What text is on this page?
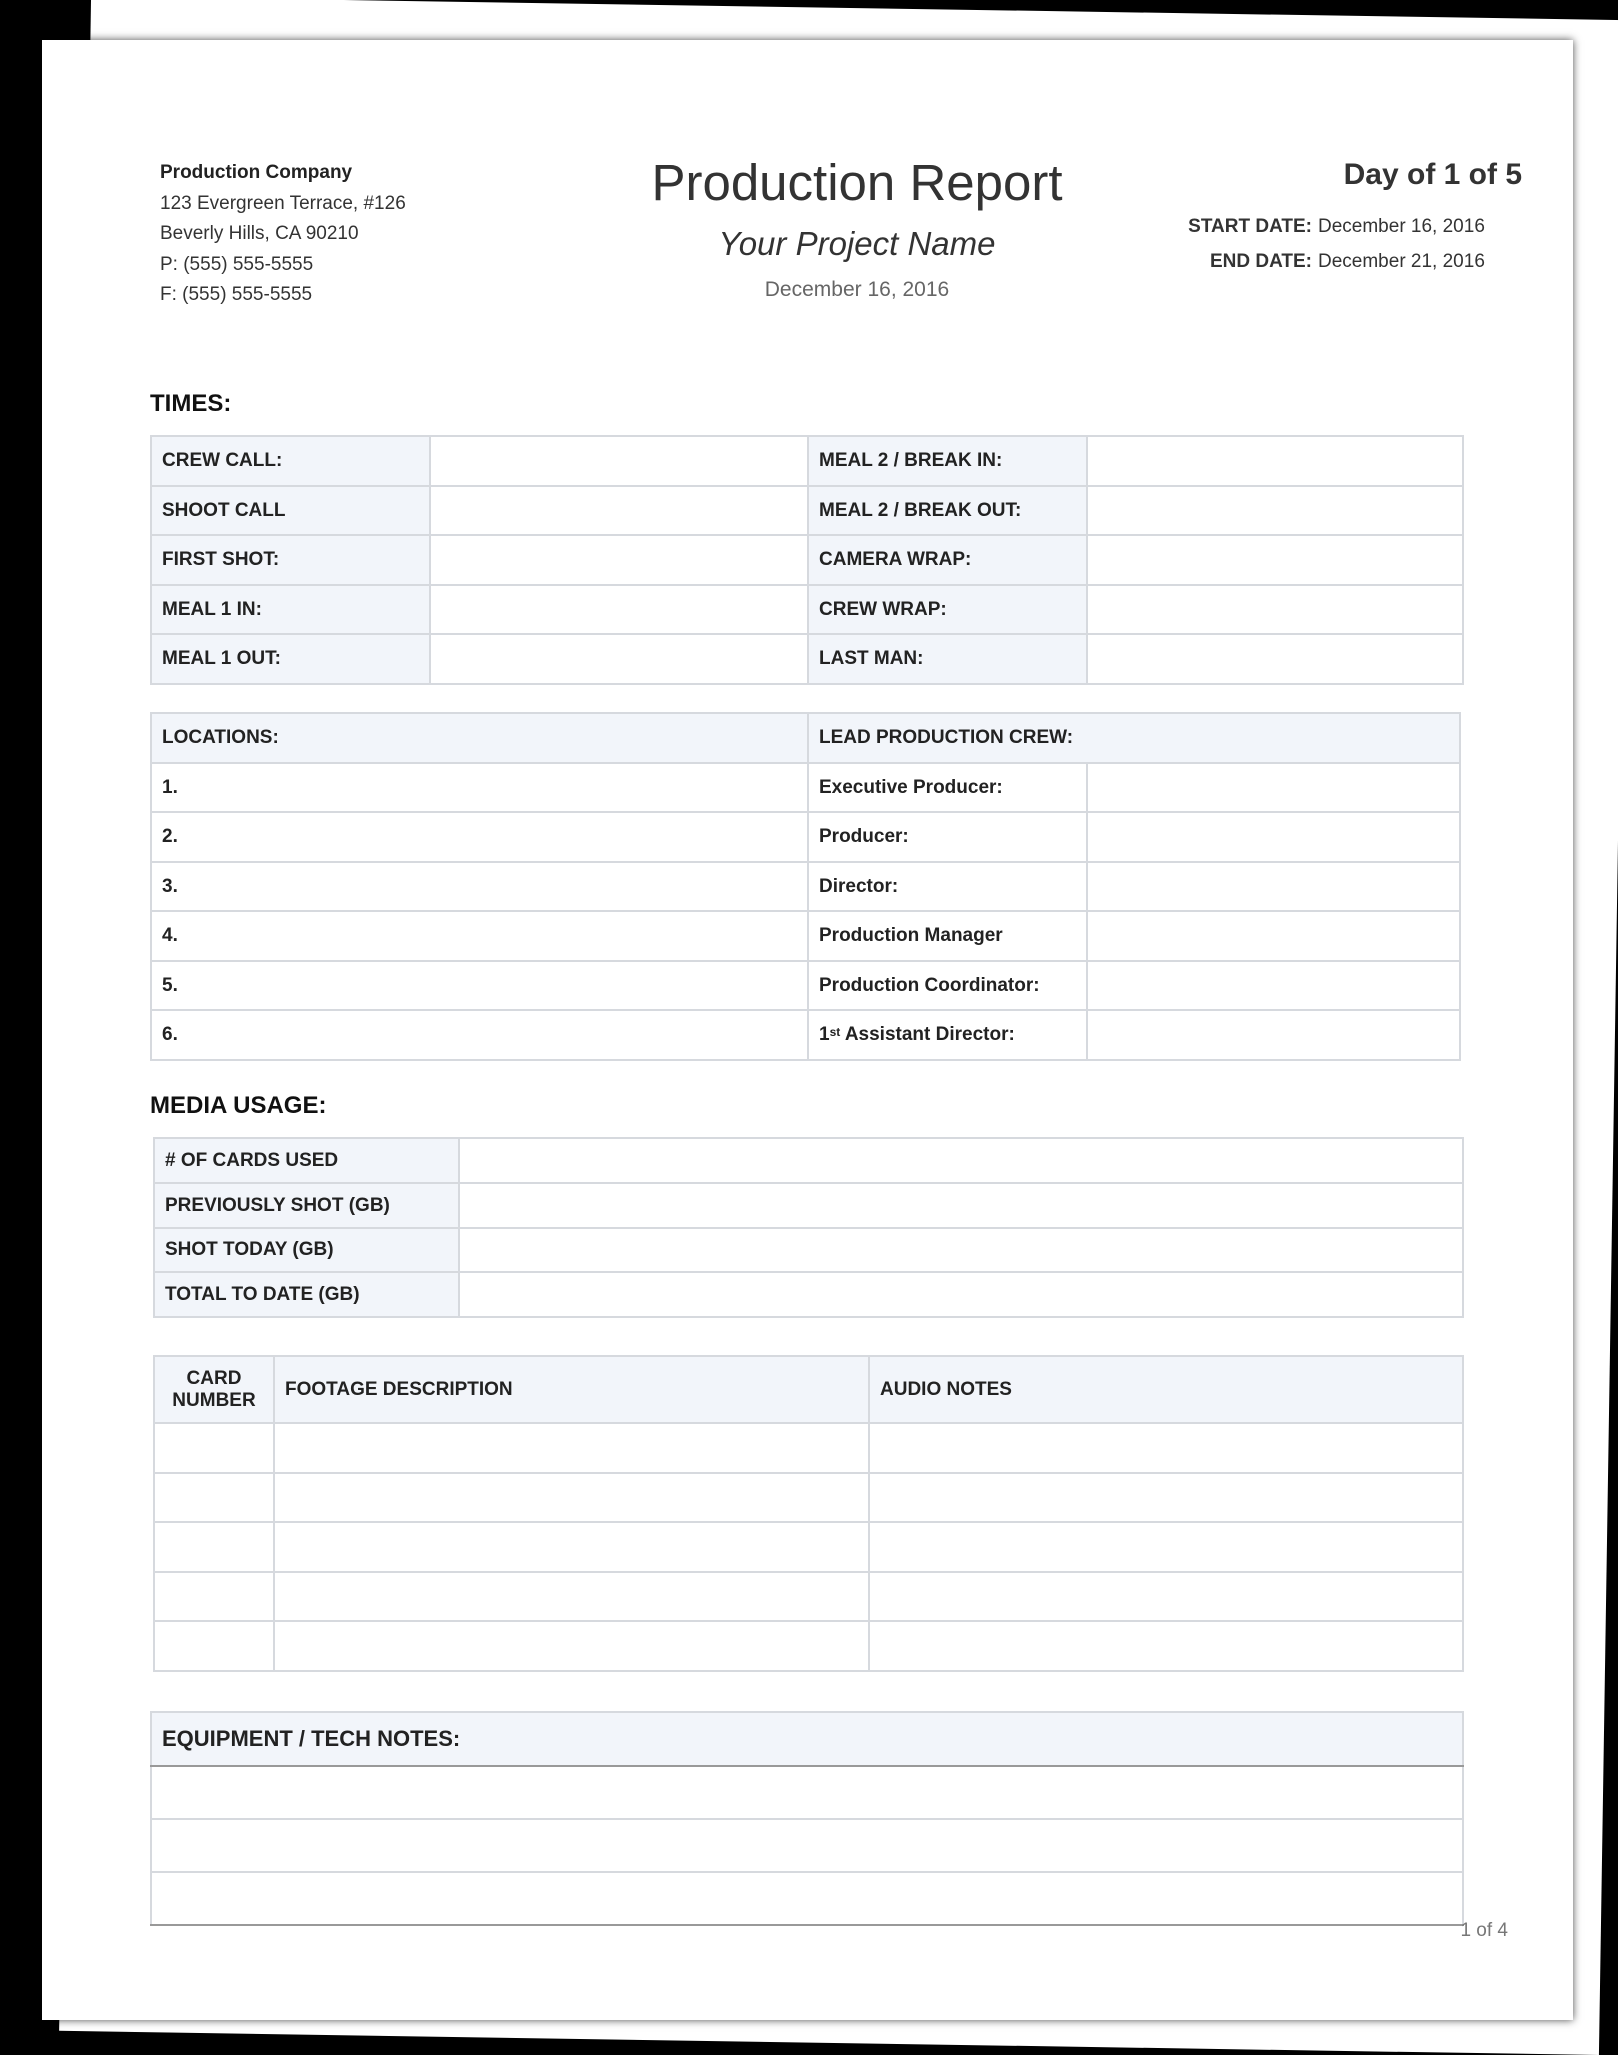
Production Company
123 Evergreen Terrace, #126
Beverly Hills, CA 90210
P: (555) 555-5555
F: (555) 555-5555
Production Report
Your Project Name
December 16, 2016
Day of 1 of 5
START DATE: December 16, 2016
END DATE: December 21, 2016
TIMES:
CREW CALL:		MEAL 2 / BREAK IN:	
SHOOT CALL		MEAL 2 / BREAK OUT:	
FIRST SHOT:		CAMERA WRAP:	
MEAL 1 IN:		CREW WRAP:	
MEAL 1 OUT:		LAST MAN:	
LOCATIONS:	LEAD PRODUCTION CREW:	
1.	Executive Producer:	
2.	Producer:	
3.	Director:	
4.	Production Manager	
5.	Production Coordinator:	
6.	1st Assistant Director:	
MEDIA USAGE:
# OF CARDS USED	
PREVIOUSLY SHOT (GB)	
SHOT TODAY (GB)	
TOTAL TO DATE (GB)	
CARD
NUMBER	FOOTAGE DESCRIPTION	AUDIO NOTES

EQUIPMENT / TECH NOTES:

1 of 4
